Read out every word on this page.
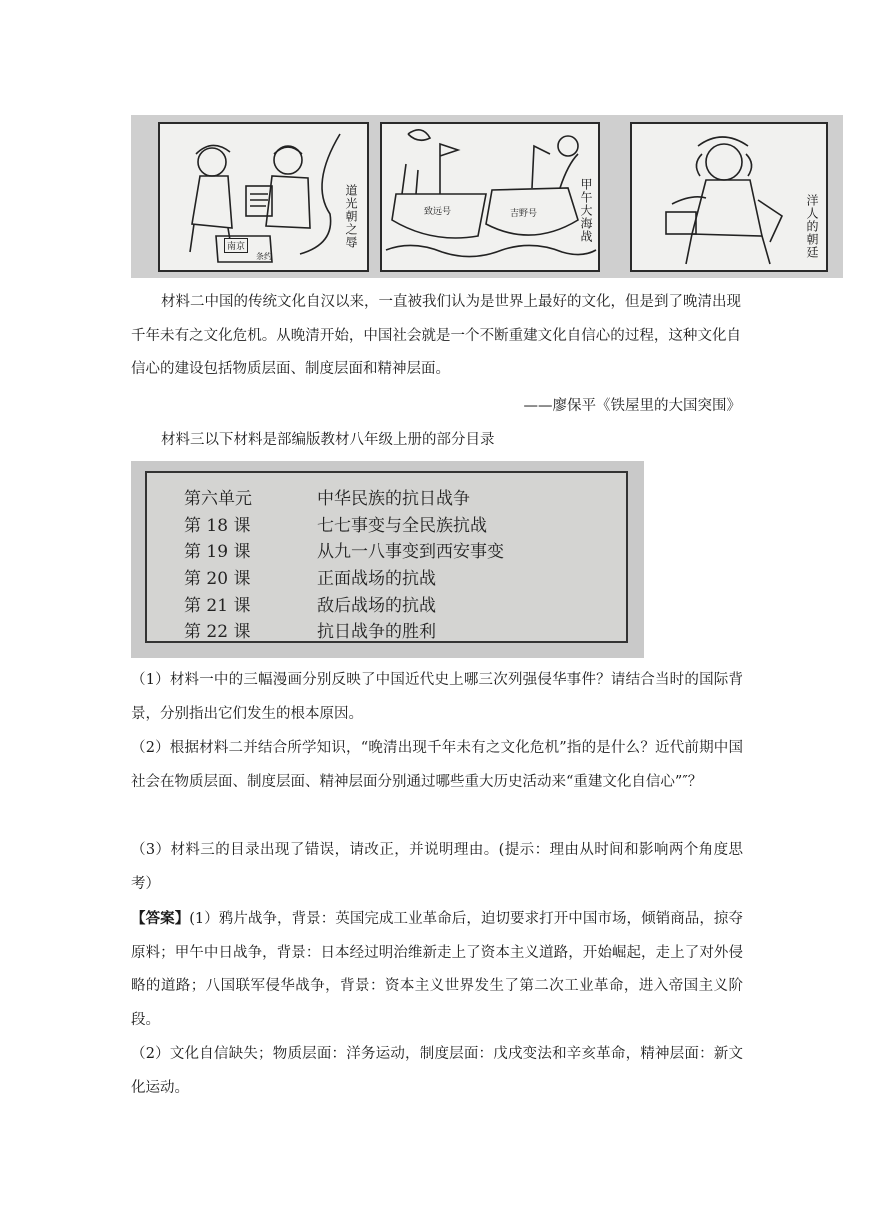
道光朝之辱
南京
条约
致远号	吉野号	甲午大海战	洋人的朝廷
材料二中国的传统文化自汉以来，一直被我们认为是世界上最好的文化，但是到了晚清出现千年未有之文化危机。从晚清开始，中国社会就是一个不断重建文化自信心的过程，这种文化自信心的建设包括物质层面、制度层面和精神层面。
——廖保平《铁屋里的大国突围》
材料三以下材料是部编版教材八年级上册的部分目录
第六单元	中华民族的抗日战争
第 18 课	七七事变与全民族抗战
第 19 课	从九一八事变到西安事变
第 20 课	正面战场的抗战
第 21 课	敌后战场的抗战
第 22 课	抗日战争的胜利
（1）材料一中的三幅漫画分别反映了中国近代史上哪三次列强侵华事件？请结合当时的国际背景，分别指出它们发生的根本原因。
（2）根据材料二并结合所学知识，“晚清出现千年未有之文化危机”指的是什么？近代前期中国社会在物质层面、制度层面、精神层面分别通过哪些重大历史活动来“重建文化自信心”″？
（3）材料三的目录出现了错误，请改正，并说明理由。(提示：理由从时间和影响两个角度思考）
【答案】(1）鸦片战争，背景：英国完成工业革命后，迫切要求打开中国市场，倾销商品，掠夺原料；甲午中日战争，背景：日本经过明治维新走上了资本主义道路，开始崛起，走上了对外侵略的道路；八国联军侵华战争，背景：资本主义世界发生了第二次工业革命，进入帝国主义阶段。
（2）文化自信缺失；物质层面：洋务运动，制度层面：戊戌变法和辛亥革命，精神层面：新文化运动。
